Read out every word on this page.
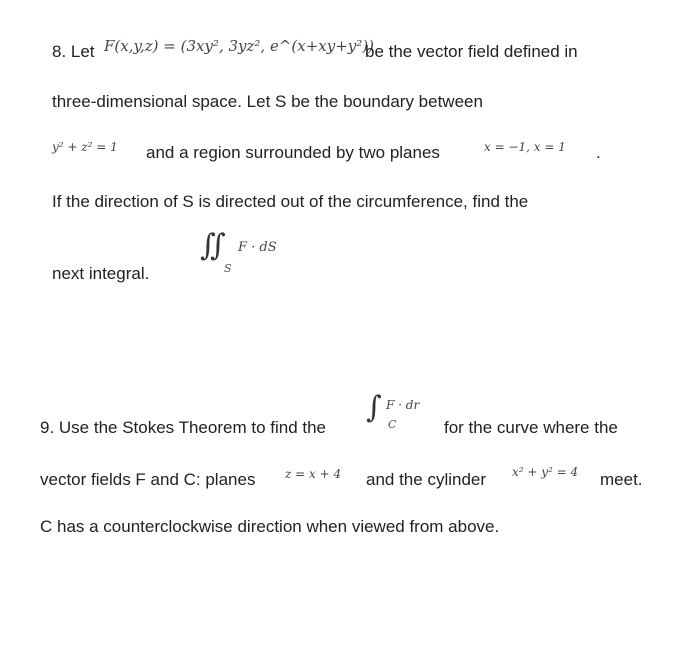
8. Let F(x,y,z) = (3xy², 3yz², e^(x+xy+y²))
be the vector field defined in
three-dimensional space. Let S be the boundary between
y² + z² = 1 and a region surrounded by two planes	x = −1, x = 1 .
If the direction of S is directed out of the circumference, find the
next integral.
∬ F · dS
S
9. Use the Stokes Theorem to find the
∫ F · dr
C	for the curve where the
vector fields F and C: planes z = x + 4 and the cylinder x² + y² = 4 meet.
C has a counterclockwise direction when viewed from above.
